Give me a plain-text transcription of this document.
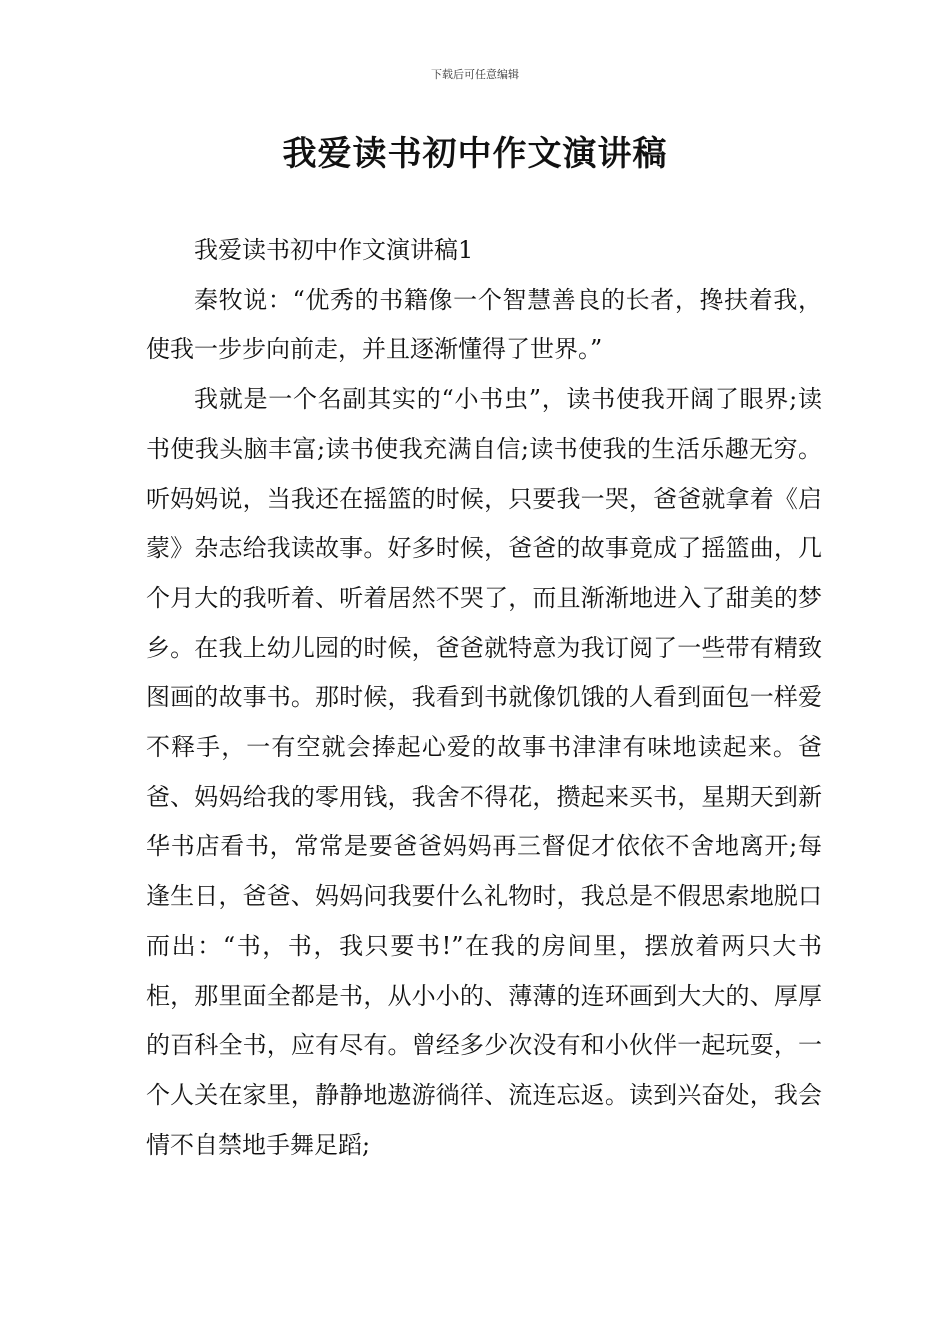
下载后可任意编辑
我爱读书初中作文演讲稿

我爱读书初中作文演讲稿1

秦牧说：“优秀的书籍像一个智慧善良的长者，搀扶着我，使我一步步向前走，并且逐渐懂得了世界。”

我就是一个名副其实的“小书虫”，读书使我开阔了眼界;读书使我头脑丰富;读书使我充满自信;读书使我的生活乐趣无穷。听妈妈说，当我还在摇篮的时候，只要我一哭，爸爸就拿着《启蒙》杂志给我读故事。好多时候，爸爸的故事竟成了摇篮曲，几个月大的我听着、听着居然不哭了，而且渐渐地进入了甜美的梦乡。在我上幼儿园的时候，爸爸就特意为我订阅了一些带有精致图画的故事书。那时候，我看到书就像饥饿的人看到面包一样爱不释手，一有空就会捧起心爱的故事书津津有味地读起来。爸爸、妈妈给我的零用钱，我舍不得花，攒起来买书，星期天到新华书店看书，常常是要爸爸妈妈再三督促才依依不舍地离开;每逢生日，爸爸、妈妈问我要什么礼物时，我总是不假思索地脱口而出：“书，书，我只要书!”在我的房间里，摆放着两只大书柜，那里面全都是书，从小小的、薄薄的连环画到大大的、厚厚的百科全书，应有尽有。曾经多少次没有和小伙伴一起玩耍，一个人关在家里，静静地遨游徜徉、流连忘返。读到兴奋处，我会情不自禁地手舞足蹈;
